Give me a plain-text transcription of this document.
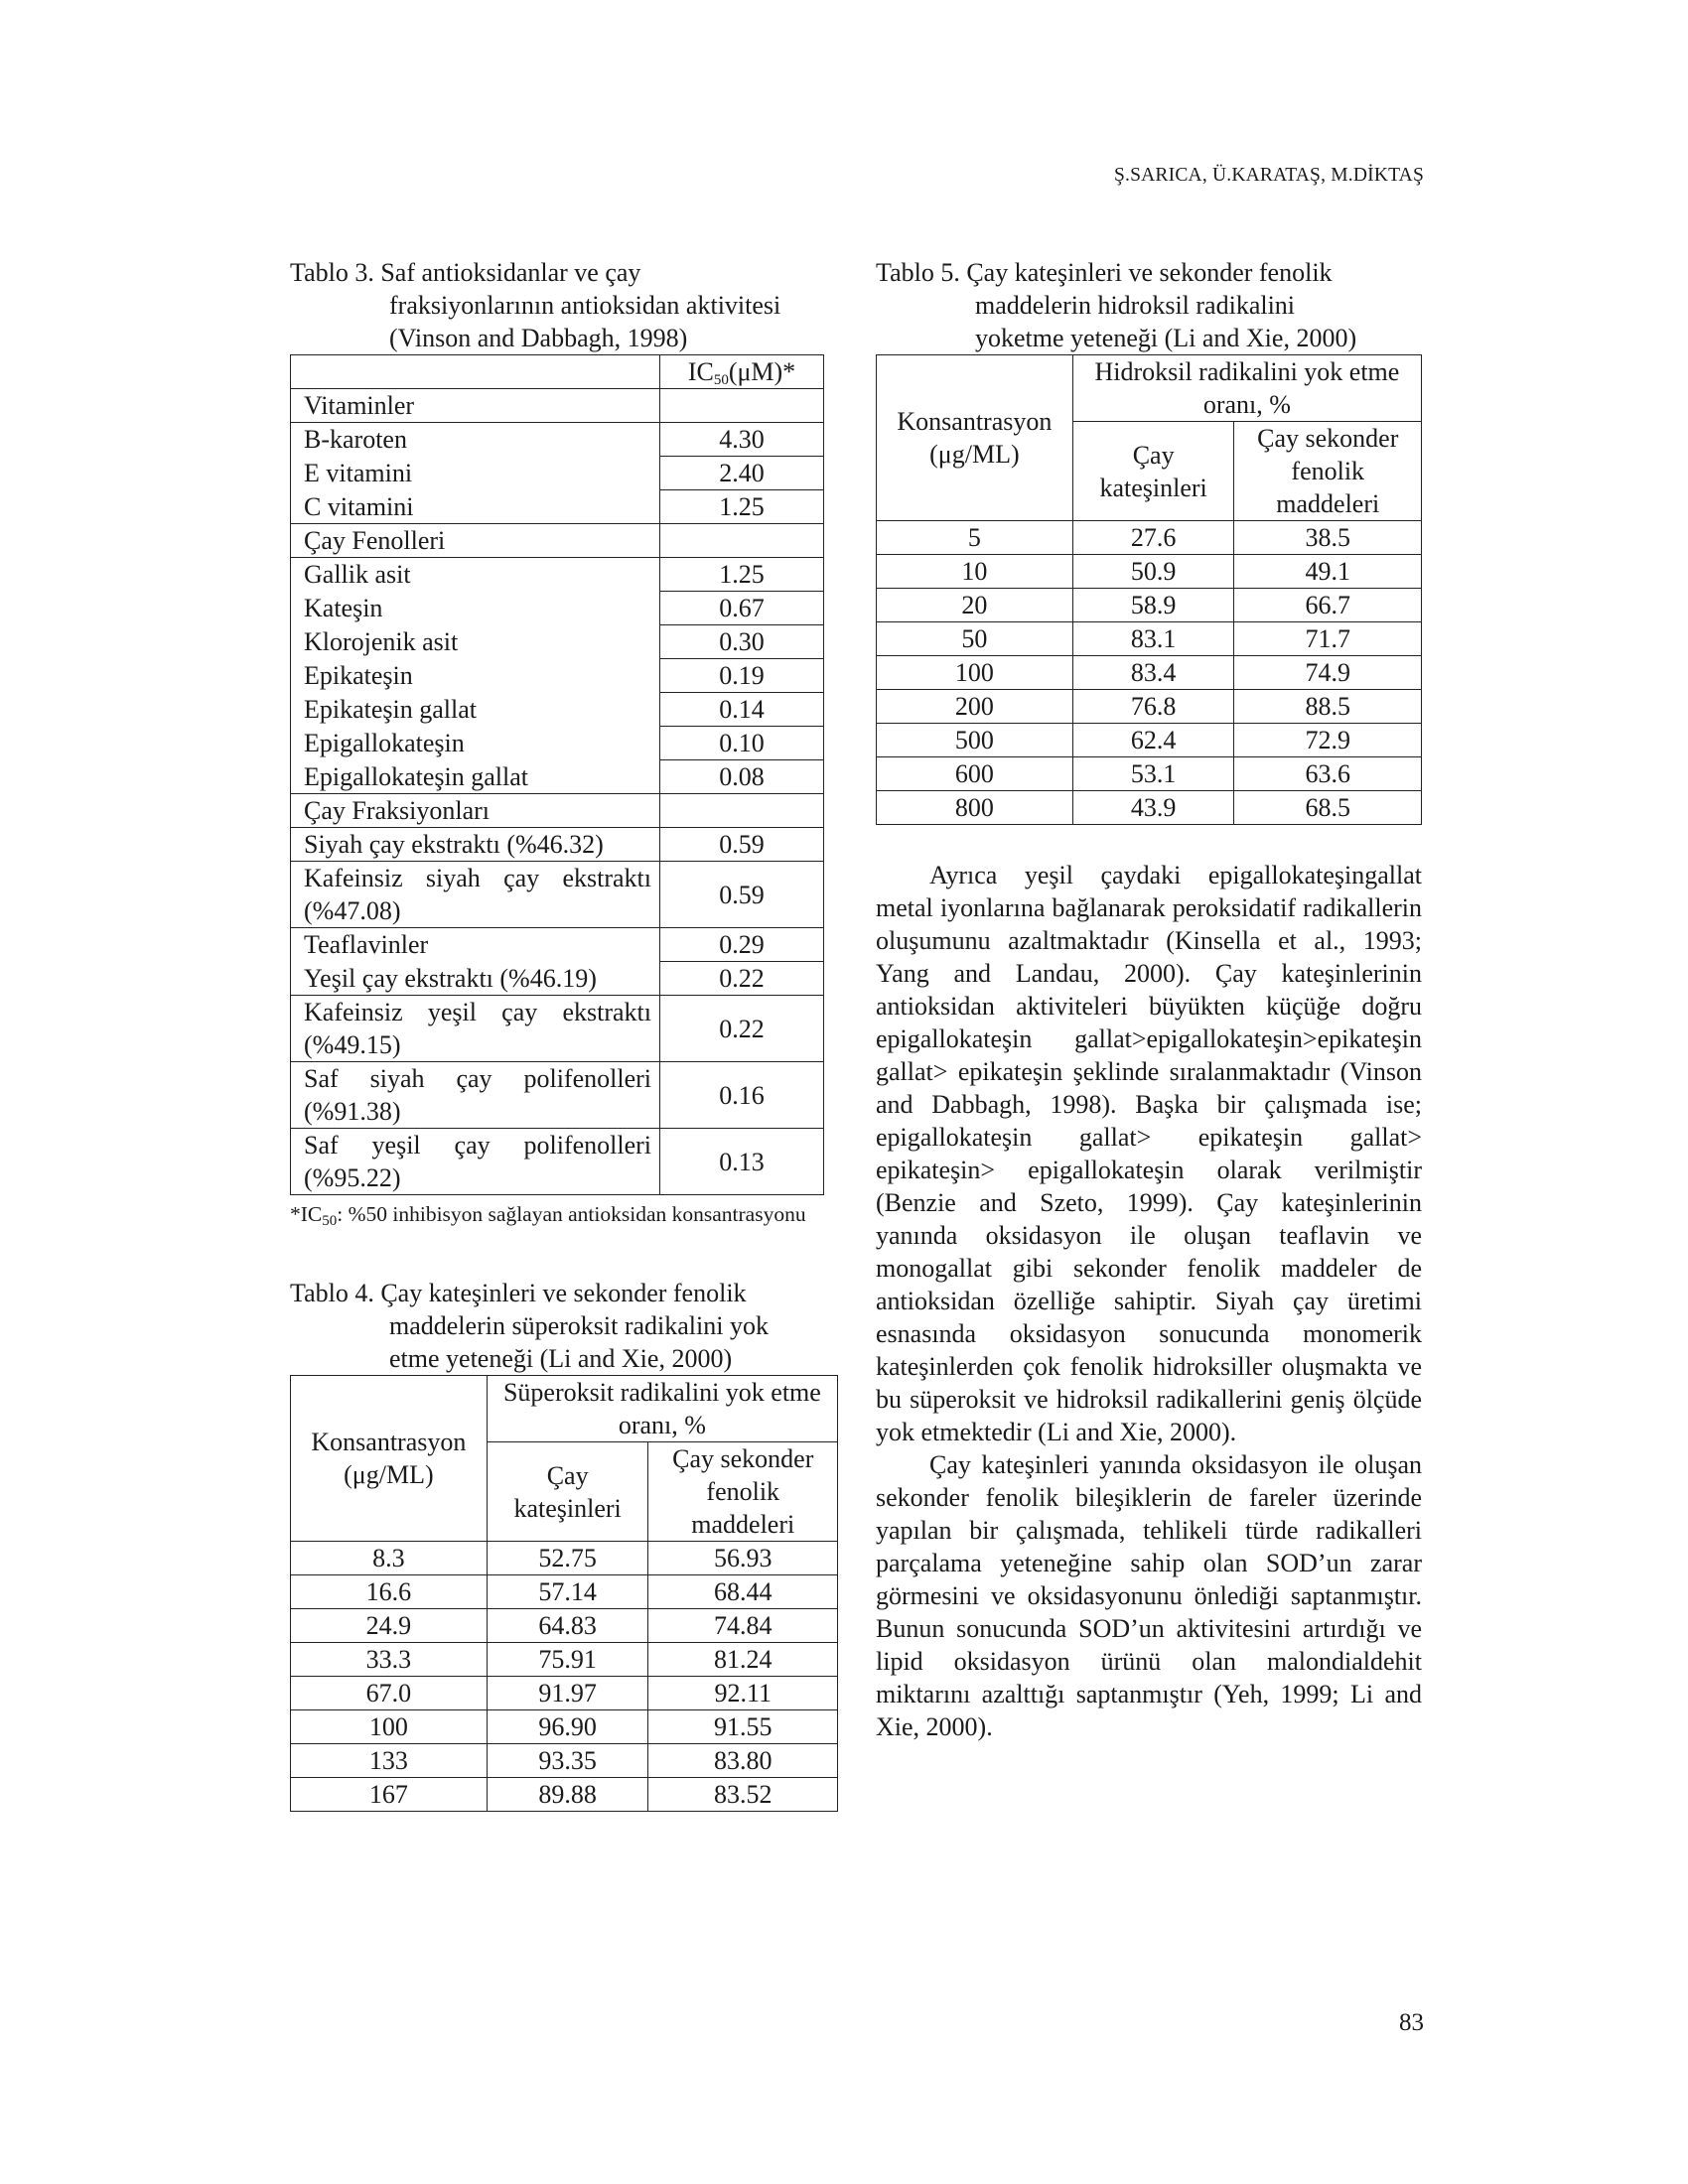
Ş.SARICA, Ü.KARATAŞ, M.DİKTAŞ
Tablo 3. Saf antioksidanlar ve çay
fraksiyonlarının antioksidan aktivitesi
(Vinson and Dabbagh, 1998)
	$IC_{50}(\mu M)*$
Vitaminler	
B-karoten	4.30
E vitamini	2.40
C vitamini	1.25
Çay Fenolleri	
Gallik asit	1.25
Kateşin	0.67
Klorojenik asit	0.30
Epikateşin	0.19
Epikateşin gallat	0.14
Epigallokateşin	0.10
Epigallokateşin gallat	0.08
Çay Fraksiyonları	
Siyah çay ekstraktı (%46.32)	0.59

Kafeinsiz siyah çay ekstraktı
(%47.08)	0.59
Teaflavinler	0.29
Yeşil çay ekstraktı (%46.19)	0.22

Kafeinsiz yeşil çay ekstraktı
(%49.15)	0.22

Saf siyah çay polifenolleri
(%91.38)	0.16

Saf yeşil çay polifenolleri
(%95.22)	0.13
$*IC_{50}$: %50 inhibisyon sağlayan antioksidan konsantrasyonu
Tablo 4. Çay kateşinleri ve sekonder fenolik
maddelerin süperoksit radikalini yok
etme yeteneği (Li and Xie, 2000)
Konsantrasyon (μg/ML)	Süperoksit radikalini yok etme oranı, %	
	Çay kateşinleri	Çay sekonder fenolik maddeleri
8.3	52.75	56.93
16.6	57.14	68.44
24.9	64.83	74.84
33.3	75.91	81.24
67.0	91.97	92.11
100	96.90	91.55
133	93.35	83.80
167	89.88	83.52
Tablo 5. Çay kateşinleri ve sekonder fenolik
maddelerin hidroksil radikalini
yoketme yeteneği (Li and Xie, 2000)
Konsantrasyon (μg/ML)	Hidroksil radikalini yok etme oranı, %	
	Çay kateşinleri	Çay sekonder fenolik maddeleri
5	27.6	38.5
10	50.9	49.1
20	58.9	66.7
50	83.1	71.7
100	83.4	74.9
200	76.8	88.5
500	62.4	72.9
600	53.1	63.6
800	43.9	68.5

Ayrıca yeşil çaydaki epigallokateşingallat metal iyonlarına bağlanarak peroksidatif radikallerin oluşumunu azaltmaktadır (Kinsella et al., 1993; Yang and Landau, 2000). Çay kateşinlerinin antioksidan aktiviteleri büyükten küçüğe doğru epigallokateşin gallat>epigallokateşin>epikateşin gallat> epikateşin şeklinde sıralanmaktadır (Vinson and Dabbagh, 1998). Başka bir çalışmada ise; epigallokateşin gallat> epikateşin gallat> epikateşin> epigallokateşin olarak verilmiştir (Benzie and Szeto, 1999). Çay kateşinlerinin yanında oksidasyon ile oluşan teaflavin ve monogallat gibi sekonder fenolik maddeler de antioksidan özelliğe sahiptir. Siyah çay üretimi esnasında oksidasyon sonucunda monomerik kateşinlerden çok fenolik hidroksiller oluşmakta ve bu süperoksit ve hidroksil radikallerini geniş ölçüde yok etmektedir (Li and Xie, 2000).

Çay kateşinleri yanında oksidasyon ile oluşan sekonder fenolik bileşiklerin de fareler üzerinde yapılan bir çalışmada, tehlikeli türde radikalleri parçalama yeteneğine sahip olan SOD’un zarar görmesini ve oksidasyonunu önlediği saptanmıştır. Bunun sonucunda SOD’un aktivitesini artırdığı ve lipid oksidasyon ürünü olan malondialdehit miktarını azalttığı saptanmıştır (Yeh, 1999; Li and Xie, 2000).

83
